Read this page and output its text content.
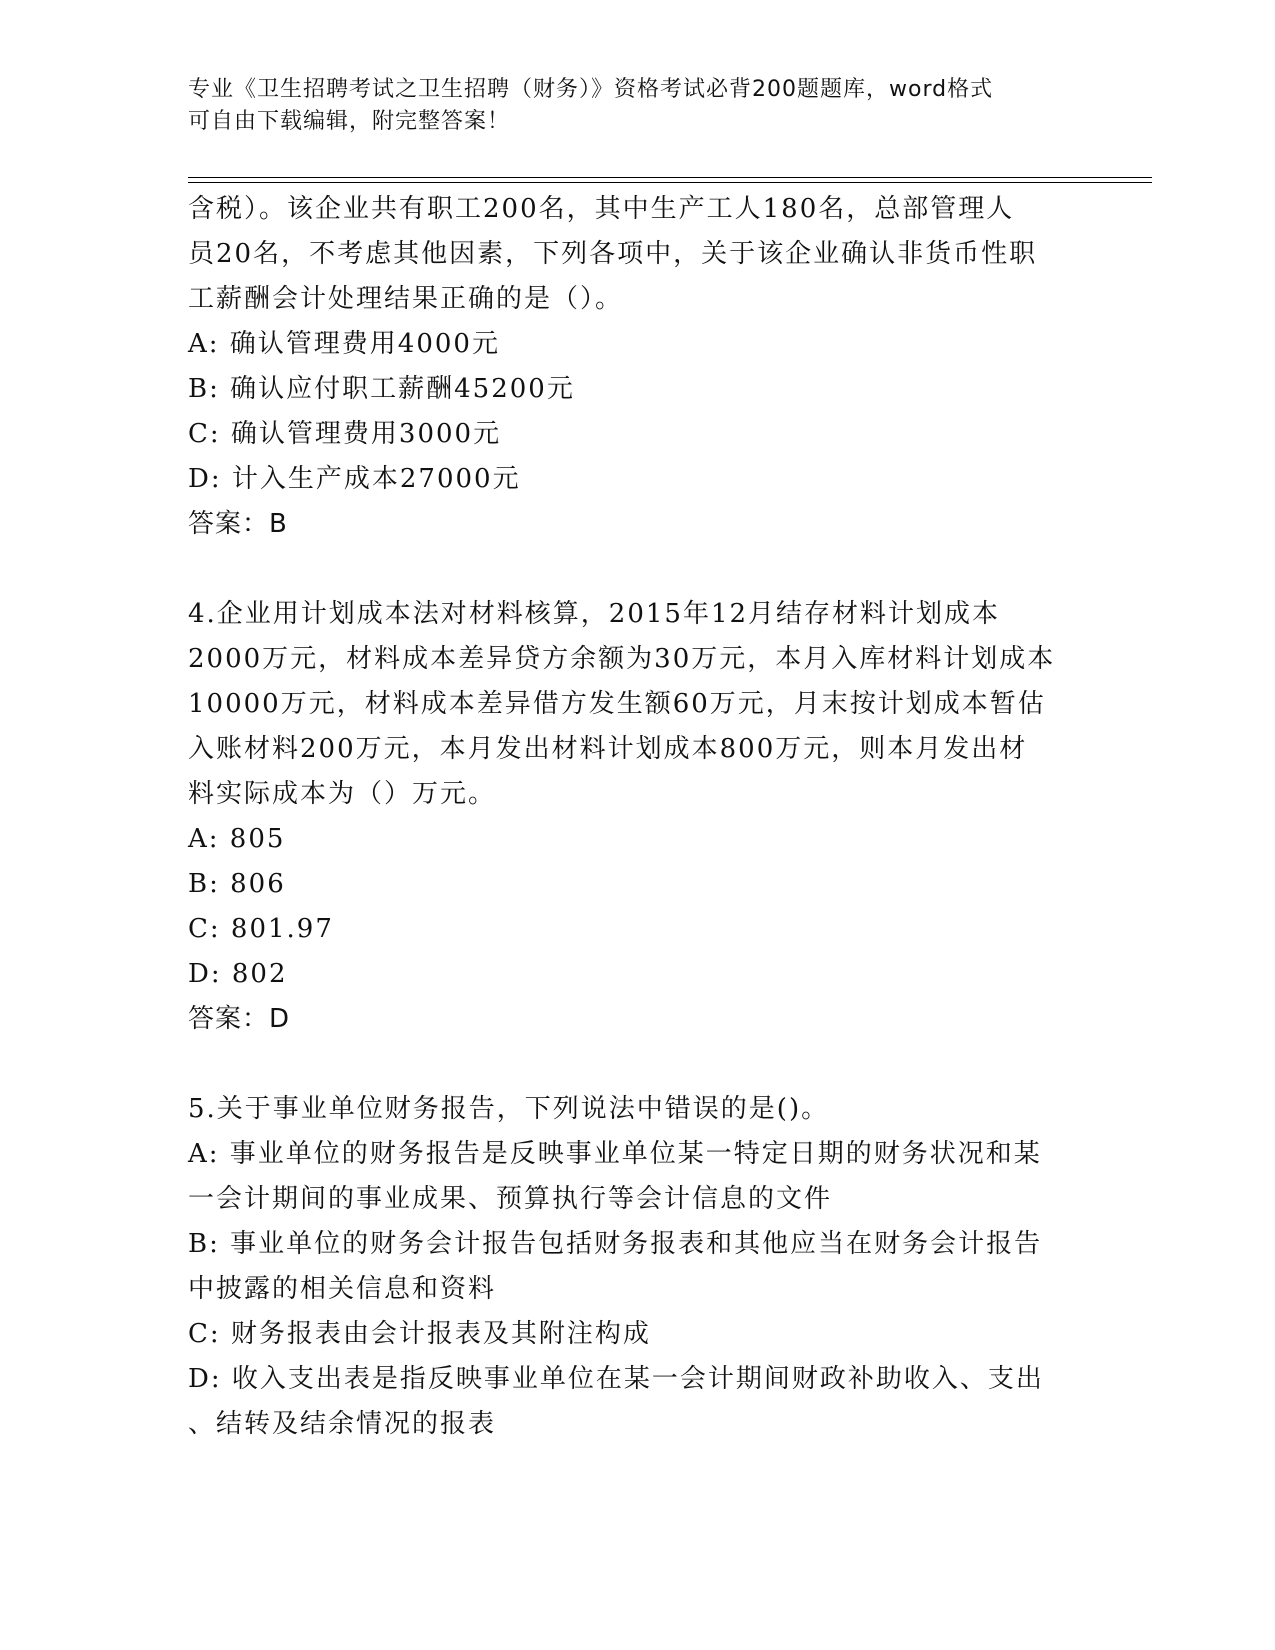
专业《卫生招聘考试之卫生招聘（财务）》资格考试必背200题题库，word格式
可自由下载编辑，附完整答案！
含税）。该企业共有职工200名，其中生产工人180名，总部管理人
员20名，不考虑其他因素，下列各项中，关于该企业确认非货币性职
工薪酬会计处理结果正确的是（）。
A: 确认管理费用4000元
B: 确认应付职工薪酬45200元
C: 确认管理费用3000元
D: 计入生产成本27000元
答案：B
4.企业用计划成本法对材料核算，2015年12月结存材料计划成本
2000万元，材料成本差异贷方余额为30万元，本月入库材料计划成本
10000万元，材料成本差异借方发生额60万元，月末按计划成本暂估
入账材料200万元，本月发出材料计划成本800万元，则本月发出材
料实际成本为（）万元。
A: 805
B: 806
C: 801.97
D: 802
答案：D
5.关于事业单位财务报告，下列说法中错误的是()。
A: 事业单位的财务报告是反映事业单位某一特定日期的财务状况和某
一会计期间的事业成果、预算执行等会计信息的文件
B: 事业单位的财务会计报告包括财务报表和其他应当在财务会计报告
中披露的相关信息和资料
C: 财务报表由会计报表及其附注构成
D: 收入支出表是指反映事业单位在某一会计期间财政补助收入、支出
、结转及结余情况的报表
